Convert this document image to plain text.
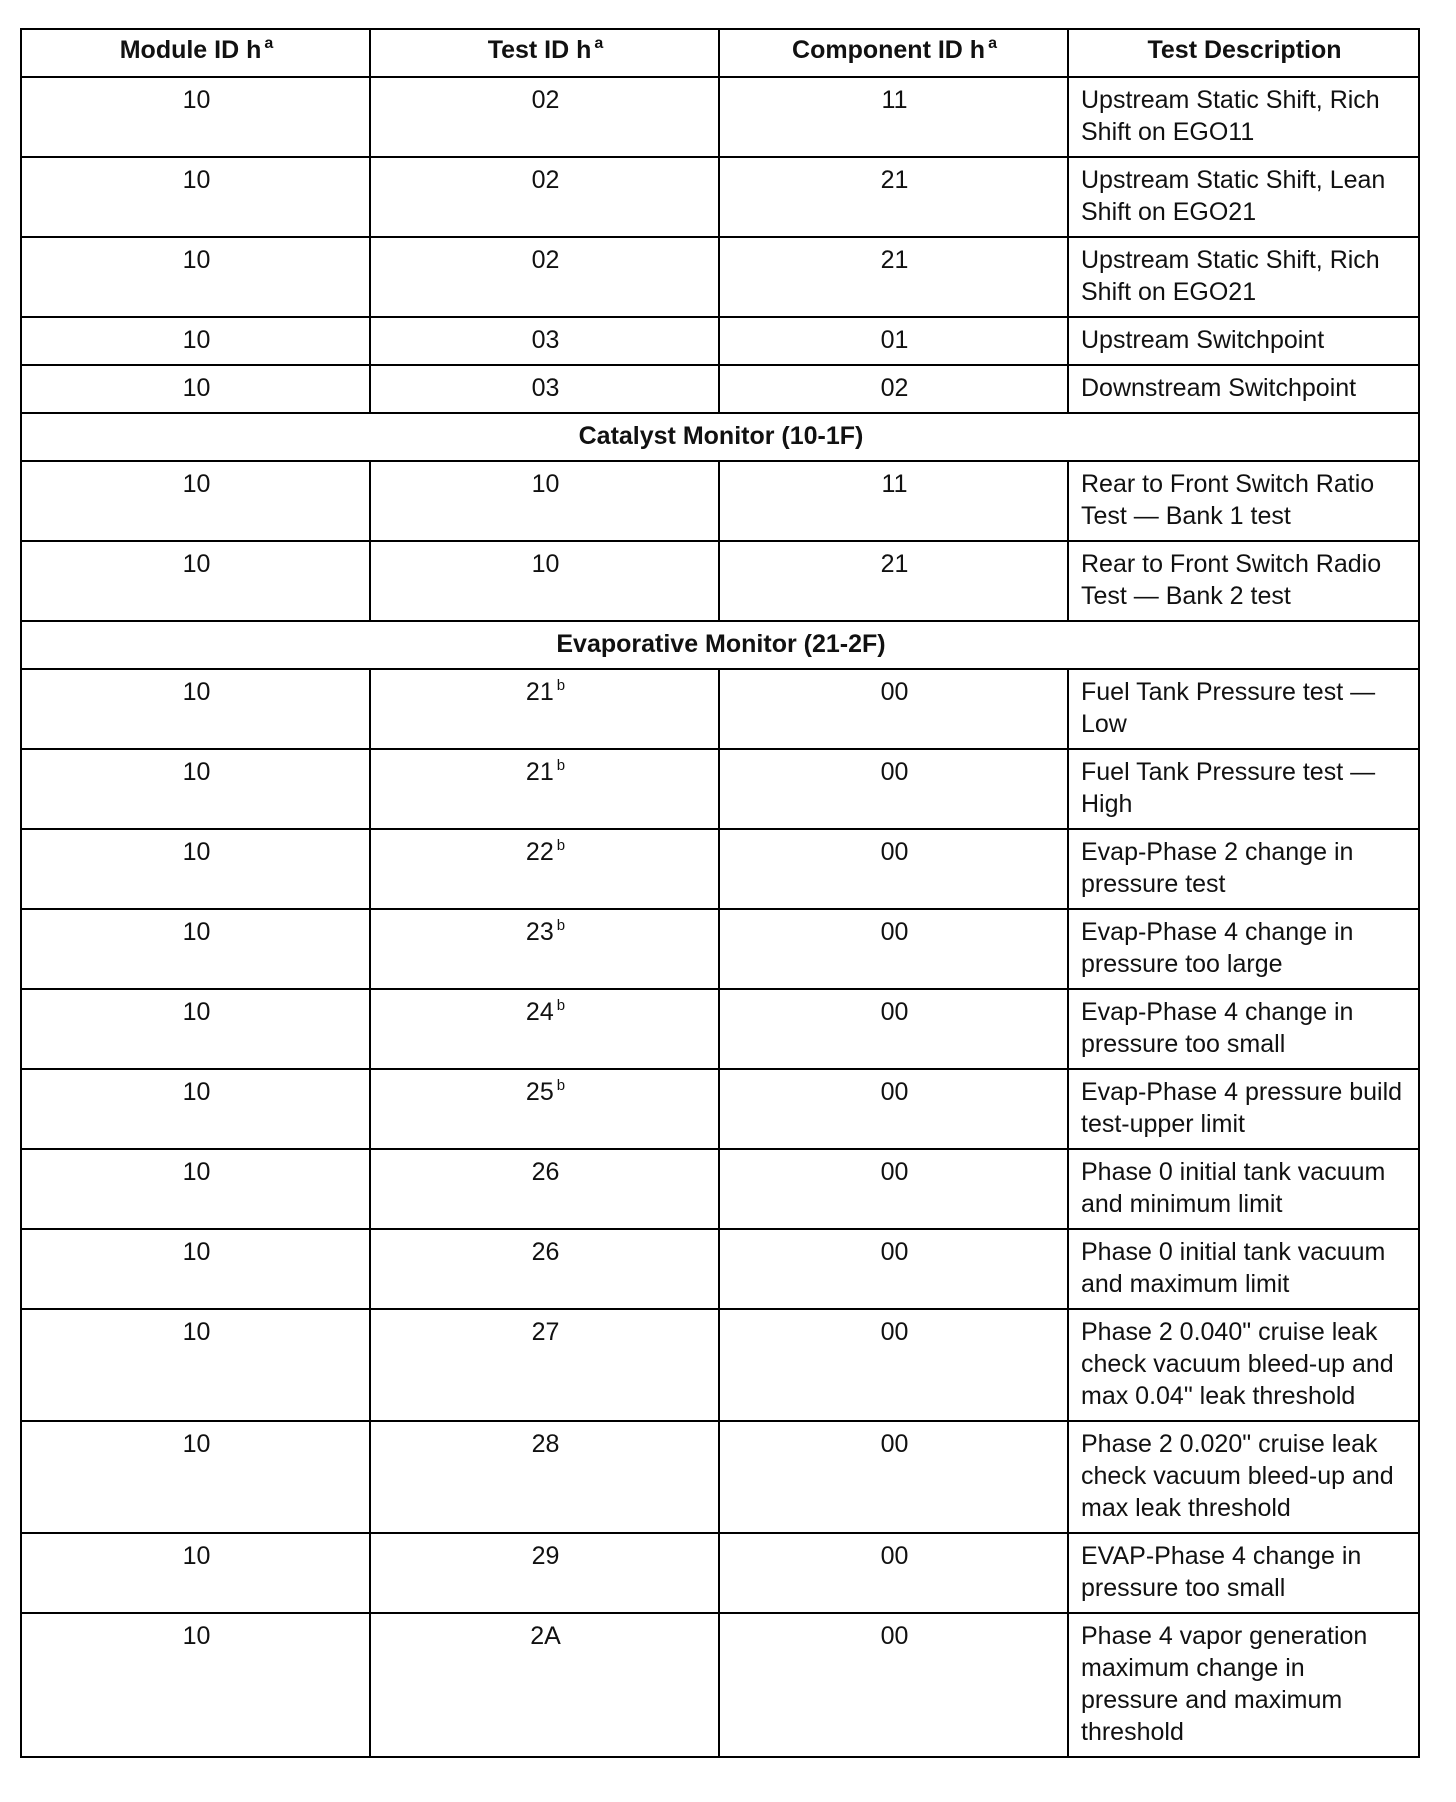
Module ID h $^a$	Test ID h $^a$	Component ID h $^a$	Test Description
10	02	11	Upstream Static Shift, Rich Shift on EGO11
10	02	21	Upstream Static Shift, Lean Shift on EGO21
10	02	21	Upstream Static Shift, Rich Shift on EGO21
10	03	01	Upstream Switchpoint
10	03	02	Downstream Switchpoint
Catalyst Monitor (10-1F)			
10	10	11	Rear to Front Switch Ratio Test — Bank 1 test
10	10	21	Rear to Front Switch Radio Test — Bank 2 test
Evaporative Monitor (21-2F)			
10	21 $^b$	00	Fuel Tank Pressure test — Low
10	21 $^b$	00	Fuel Tank Pressure test — High
10	22 $^b$	00	Evap-Phase 2 change in pressure test
10	23 $^b$	00	Evap-Phase 4 change in pressure too large
10	24 $^b$	00	Evap-Phase 4 change in pressure too small
10	25 $^b$	00	Evap-Phase 4 pressure build test-upper limit
10	26	00	Phase 0 initial tank vacuum and minimum limit
10	26	00	Phase 0 initial tank vacuum and maximum limit
10	27	00	Phase 2 0.040" cruise leak check vacuum bleed-up and max 0.04" leak threshold
10	28	00	Phase 2 0.020" cruise leak check vacuum bleed-up and max leak threshold
10	29	00	EVAP-Phase 4 change in pressure too small
10	2A	00	Phase 4 vapor generation maximum change in pressure and maximum threshold
